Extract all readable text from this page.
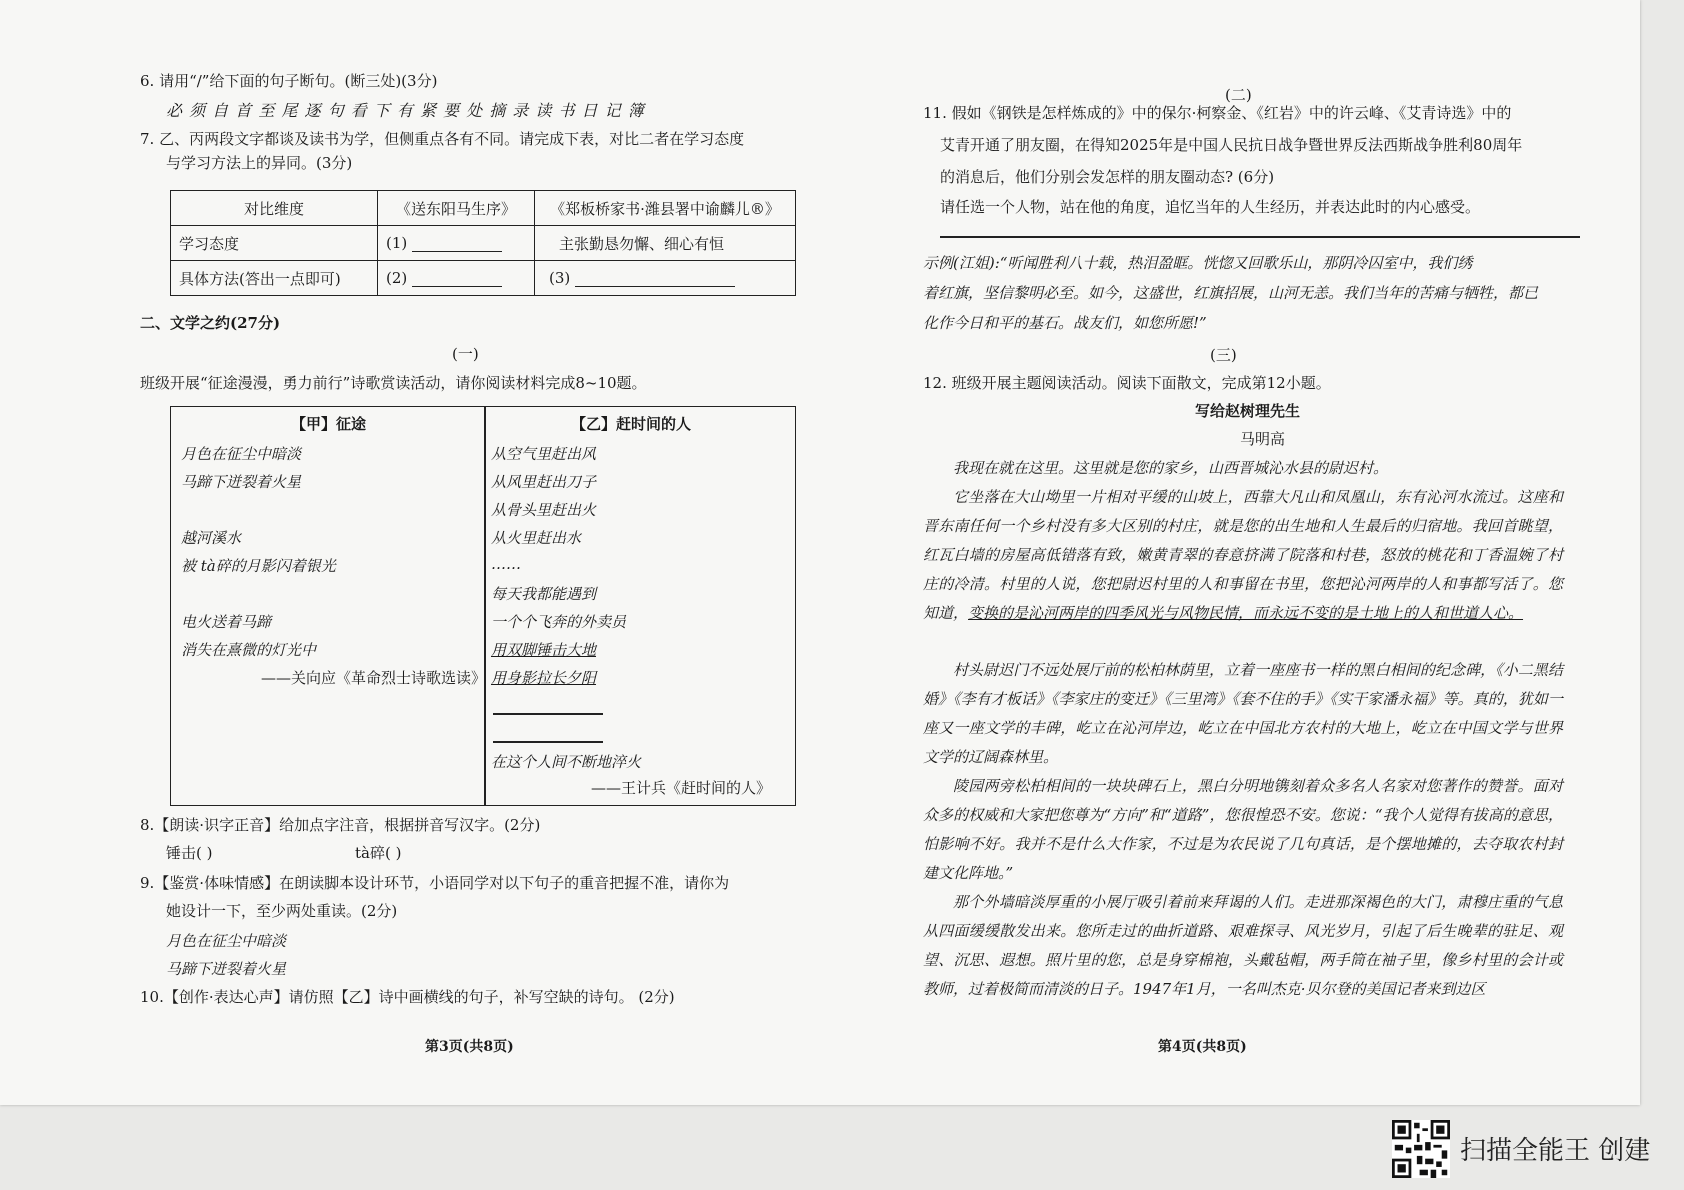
6. 请用“/”给下面的句子断句。(断三处)(3分)
必 须 自 首 至 尾 逐 句 看 下 有 紧 要 处 摘 录 读 书 日 记 簿
7. 乙、丙两段文字都谈及读书为学，但侧重点各有不同。请完成下表，对比二者在学习态度
与学习方法上的异同。(3分)
对比维度	《送东阳马生序》	《郑板桥家书·潍县署中谕麟儿®》
学习态度	(1)	主张勤恳勿懈、细心有恒
具体方法(答出一点即可)	(2)	(3)
二、文学之约(27分)
(一)
班级开展“征途漫漫，勇力前行”诗歌赏读活动，请你阅读材料完成8~10题。
【甲】征途
月色在征尘中暗淡
马蹄下迸裂着火星
越河溪水
被 tà碎的月影闪着银光
电火送着马蹄
消失在熹微的灯光中
——关向应《革命烈士诗歌选读》
【乙】赶时间的人
从空气里赶出风
从风里赶出刀子
从骨头里赶出火
从火里赶出水
……
每天我都能遇到
一个个飞奔的外卖员
用双脚锤击大地
用身影拉长夕阳
在这个人间不断地淬火
——王计兵《赶时间的人》
8.【朗读·识字正音】给加点字注音，根据拼音写汉字。(2分)
锤击( )	tà碎( )
9.【鉴赏·体味情感】在朗读脚本设计环节，小语同学对以下句子的重音把握不准，请你为
她设计一下，至少两处重读。(2分)
月色在征尘中暗淡
马蹄下迸裂着火星
10.【创作·表达心声】请仿照【乙】诗中画横线的句子，补写空缺的诗句。 (2分)
第3页(共8页)
(二)
11. 假如《钢铁是怎样炼成的》中的保尔·柯察金、《红岩》中的许云峰、《艾青诗选》中的
艾青开通了朋友圈，在得知2025年是中国人民抗日战争暨世界反法西斯战争胜利80周年
的消息后，他们分别会发怎样的朋友圈动态? (6分)
请任选一个人物，站在他的角度，追忆当年的人生经历，并表达此时的内心感受。
示例(江姐):“听闻胜利八十载，热泪盈眶。恍惚又回歌乐山，那阴冷囚室中，我们绣
着红旗，坚信黎明必至。如今，这盛世，红旗招展，山河无恙。我们当年的苦痛与牺牲，都已
化作今日和平的基石。战友们，如您所愿!”
(三)
12. 班级开展主题阅读活动。阅读下面散文，完成第12小题。
写给赵树理先生
马明高
我现在就在这里。这里就是您的家乡，山西晋城沁水县的尉迟村。
它坐落在大山坳里一片相对平缓的山坡上，西靠大凡山和凤凰山，东有沁河水流过。这座和晋东南任何一个乡村没有多大区别的村庄，就是您的出生地和人生最后的归宿地。我回首眺望，红瓦白墙的房屋高低错落有致，嫩黄青翠的春意挤满了院落和村巷，怒放的桃花和丁香温婉了村庄的冷清。村里的人说，您把尉迟村里的人和事留在书里，您把沁河两岸的人和事都写活了。您知道，变换的是沁河两岸的四季风光与风物民情，而永远不变的是土地上的人和世道人心。
村头尉迟门不远处展厅前的松柏林荫里，立着一座座书一样的黑白相间的纪念碑，《小二黑结婚》《李有才板话》《李家庄的变迁》《三里湾》《套不住的手》《实干家潘永福》等。真的，犹如一座又一座文学的丰碑，屹立在沁河岸边，屹立在中国北方农村的大地上，屹立在中国文学与世界文学的辽阔森林里。
陵园两旁松柏相间的一块块碑石上，黑白分明地镌刻着众多名人名家对您著作的赞誉。面对众多的权威和大家把您尊为“方向”和“道路”，您很惶恐不安。您说：“我个人觉得有拔高的意思，怕影响不好。我并不是什么大作家，不过是为农民说了几句真话，是个摆地摊的，去夺取农村封建文化阵地。”
那个外墙暗淡厚重的小展厅吸引着前来拜谒的人们。走进那深褐色的大门，肃穆庄重的气息从四面缓缓散发出来。您所走过的曲折道路、艰难探寻、风光岁月，引起了后生晚辈的驻足、观望、沉思、遐想。照片里的您，总是身穿棉袍，头戴毡帽，两手筒在袖子里，像乡村里的会计或教师，过着极简而清淡的日子。1947年1月，一名叫杰克·贝尔登的美国记者来到边区
第4页(共8页)
扫描全能王 创建
